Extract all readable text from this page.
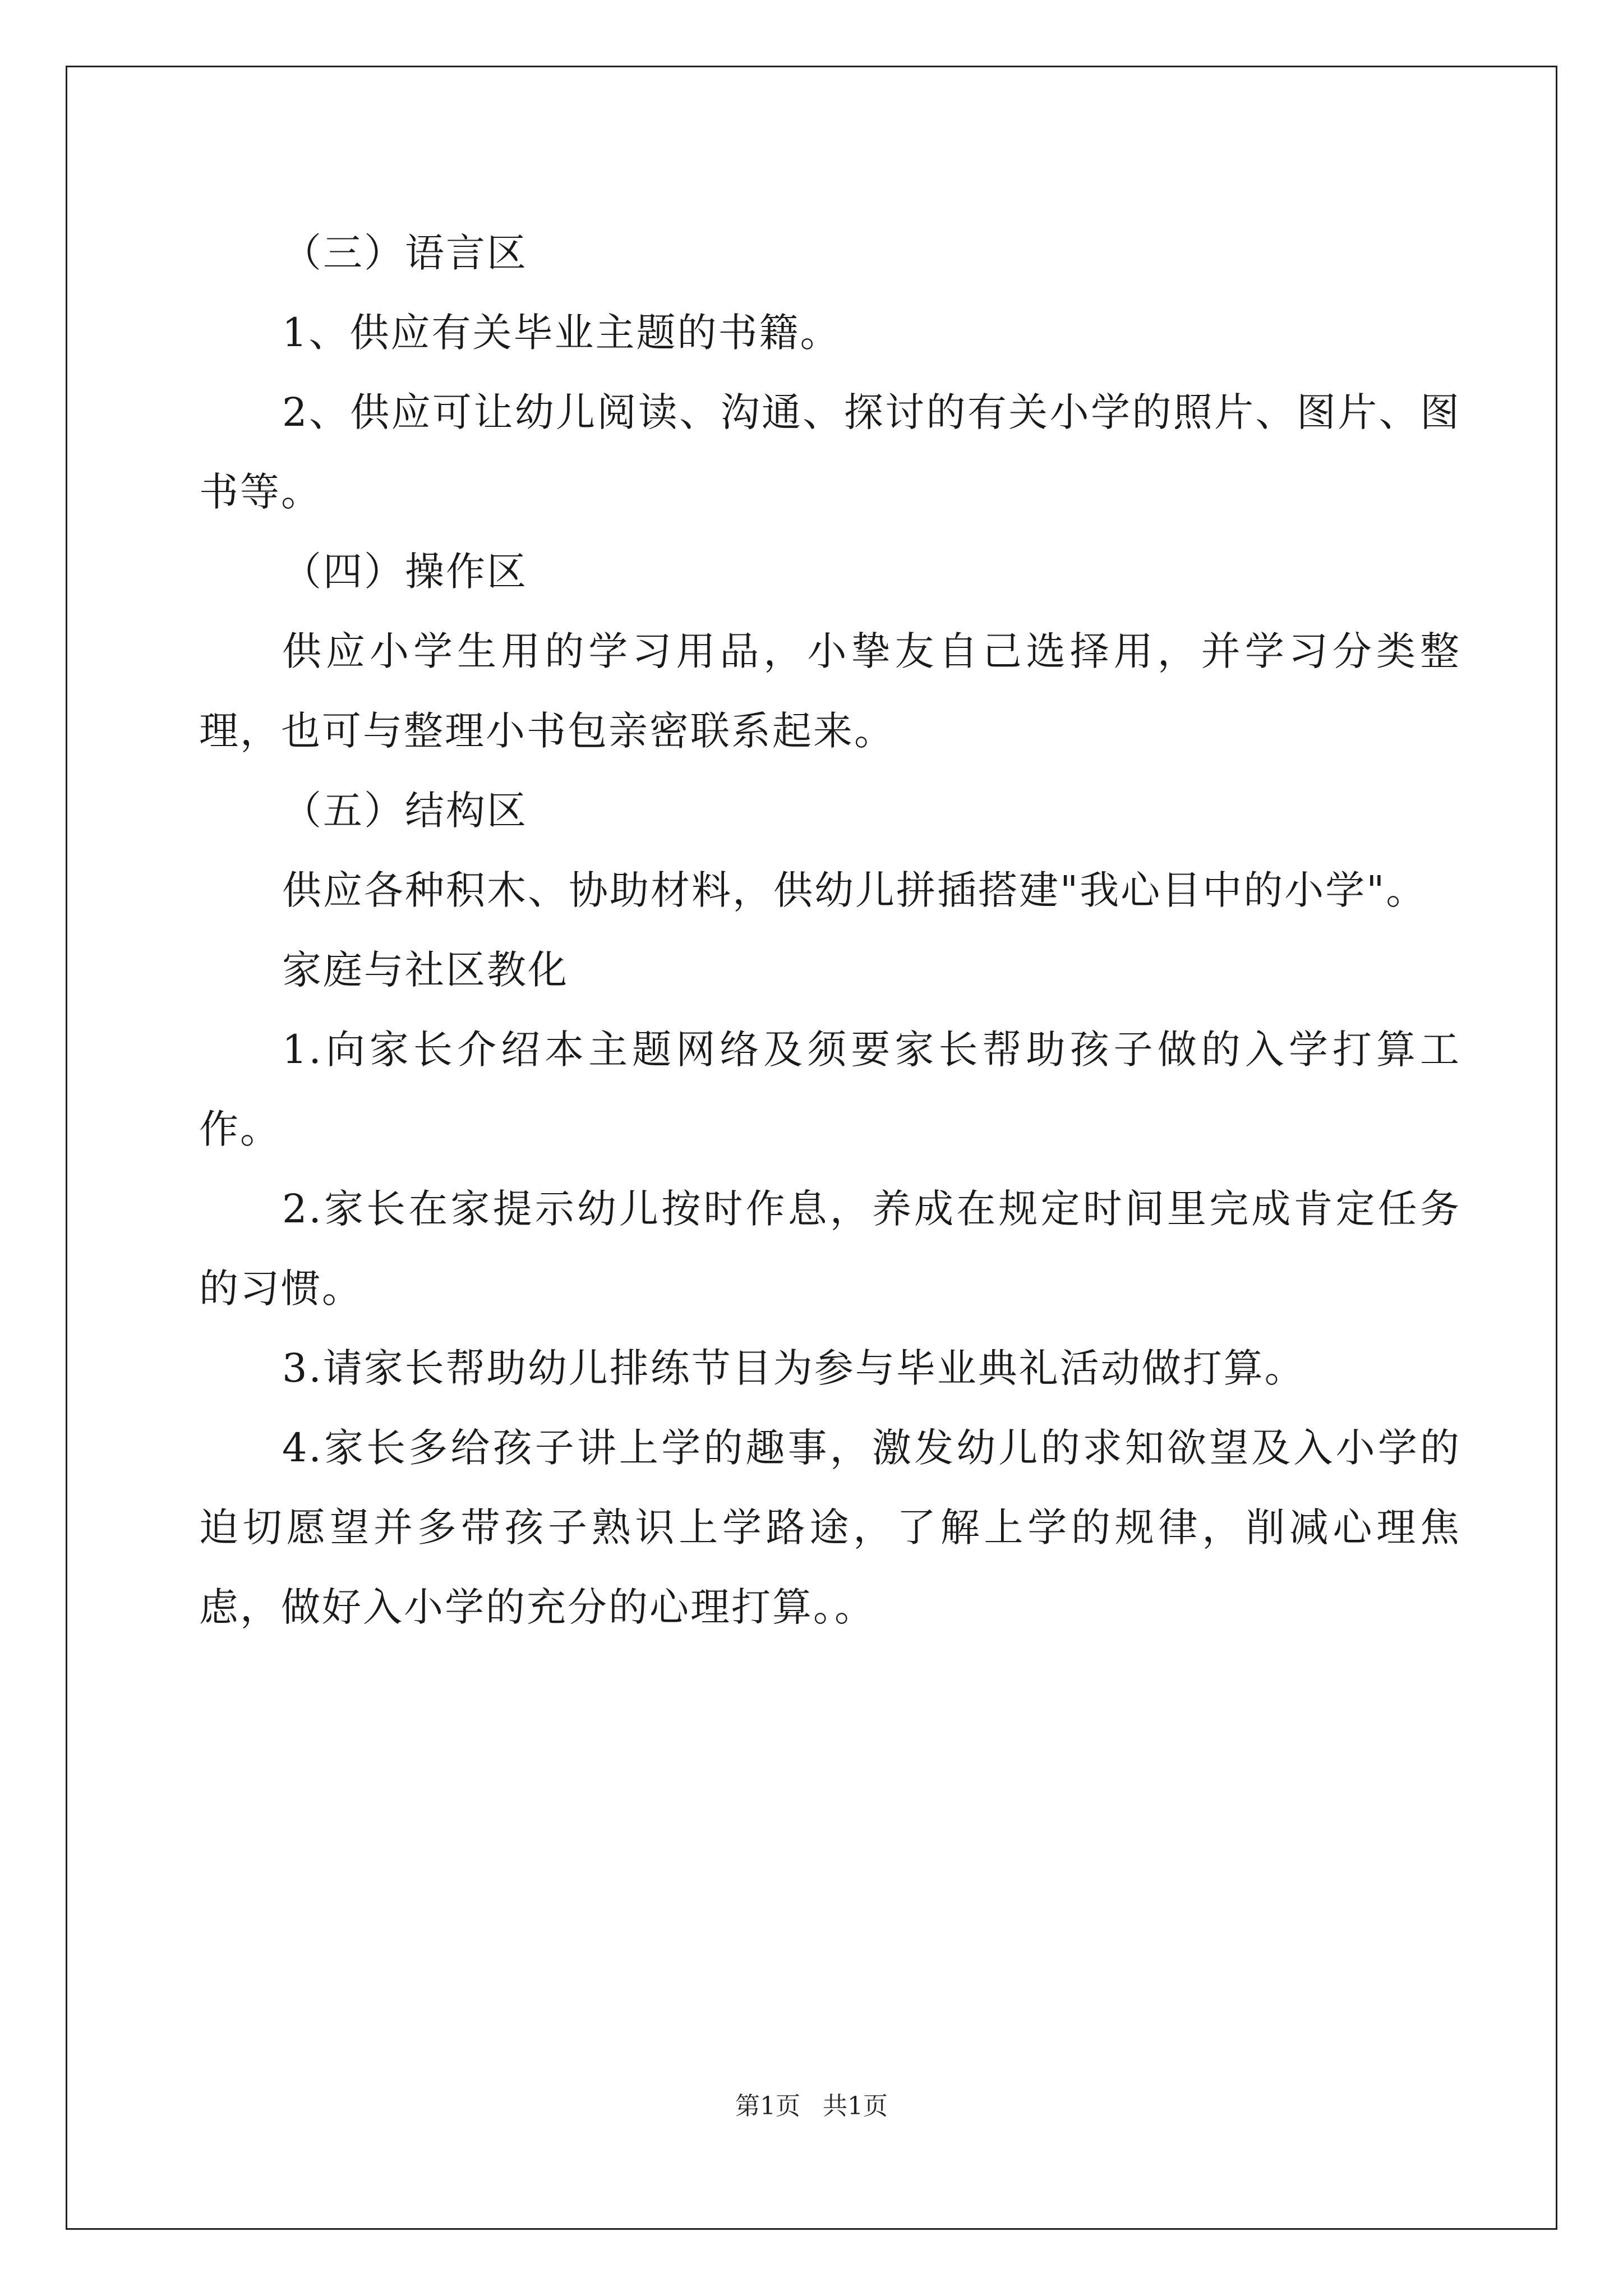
（三）语言区

1、供应有关毕业主题的书籍。

2、供应可让幼儿阅读、沟通、探讨的有关小学的照片、图片、图书等。

（四）操作区

供应小学生用的学习用品，小挚友自己选择用，并学习分类整理，也可与整理小书包亲密联系起来。

（五）结构区

供应各种积木、协助材料，供幼儿拼插搭建"我心目中的小学"。

家庭与社区教化

1.向家长介绍本主题网络及须要家长帮助孩子做的入学打算工作。

2.家长在家提示幼儿按时作息，养成在规定时间里完成肯定任务的习惯。

3.请家长帮助幼儿排练节目为参与毕业典礼活动做打算。

4.家长多给孩子讲上学的趣事，激发幼儿的求知欲望及入小学的迫切愿望并多带孩子熟识上学路途，了解上学的规律，削减心理焦虑，做好入小学的充分的心理打算。。

第1页 共1页
